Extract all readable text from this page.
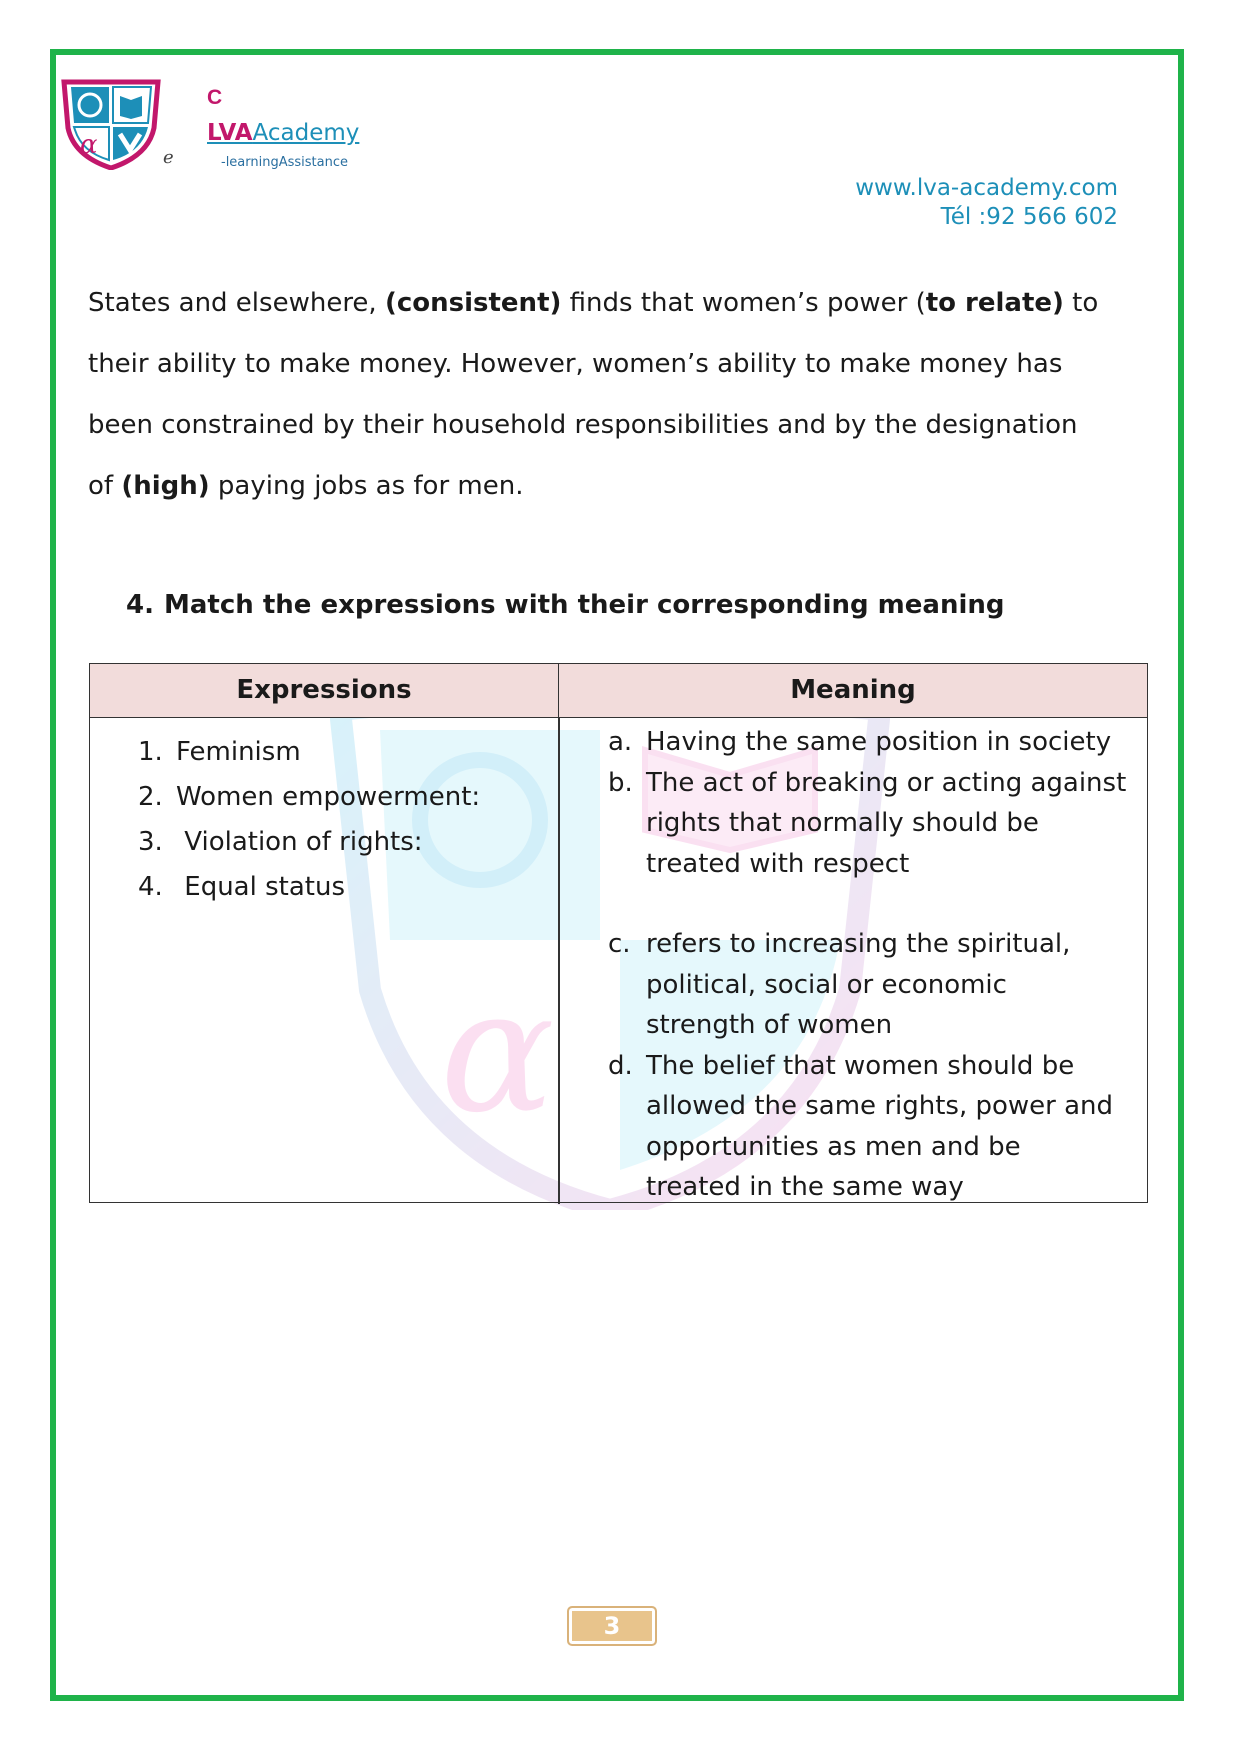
α
C
LVAAcademy
e	-learningAssistance
www.lva-academy.com
Tél :92 566 602
α

States and elsewhere, (consistent) finds that women’s power (to relate) to

their ability to make money. However, women’s ability to make money has

been constrained by their household responsibilities and by the designation

of (high) paying jobs as for men.

4. Match the expressions with their corresponding meaning
Expressions	Meaning
1. Feminism
2. Women empowerment:
3. Violation of rights:
4. Equal status
a. Having the same position in society
b. The act of breaking or acting against
rights that normally should be
treated with respect
c. refers to increasing the spiritual,
political, social or economic
strength of women
d. The belief that women should be
allowed the same rights, power and
opportunities as men and be
treated in the same way
3
